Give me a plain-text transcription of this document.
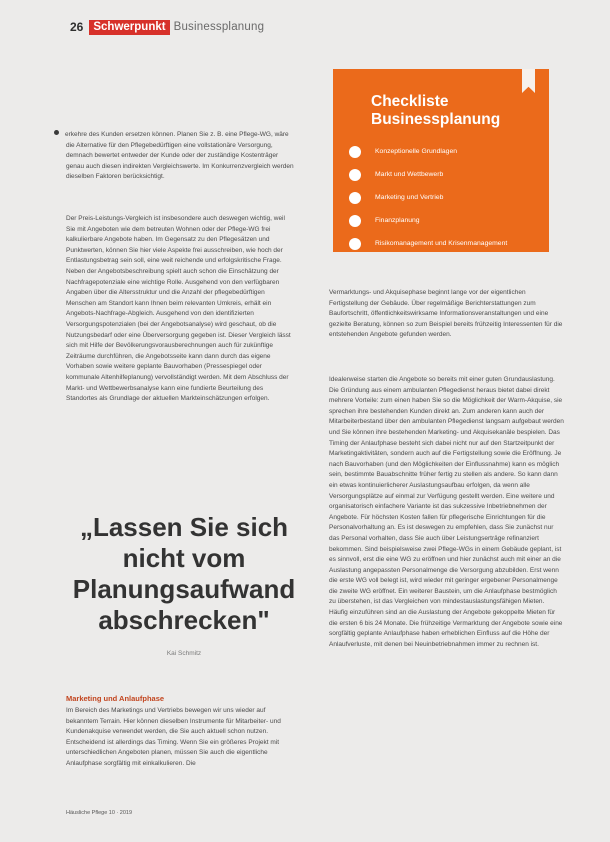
26 Schwerpunkt Businessplanung

erkehre des Kunden ersetzen können. Planen Sie z. B. eine Pflege-WG, wäre die Alternative für den Pflegebedürftigen eine vollstationäre Versorgung, demnach bewertet entweder der Kunde oder der zuständige Kostenträger genau auch diesen indirekten Vergleichswerte. Im Konkurrenzvergleich werden dieselben Faktoren berücksichtigt.

Der Preis-Leistungs-Vergleich ist insbesondere auch deswegen wichtig, weil Sie mit Angeboten wie dem betreuten Wohnen oder der Pflege-WG frei kalkulierbare Angebote haben. Im Gegensatz zu den Pflegesätzen und Punktwerten, können Sie hier viele Aspekte frei ausschreiben, wie hoch der Entlastungsbetrag sein soll, eine weit reichende und erfolgskritische Frage. Neben der Angebotsbeschreibung spielt auch schon die Einschätzung der Nachfragepotenziale eine wichtige Rolle. Ausgehend von den verfügbaren Angaben über die Altersstruktur und die Anzahl der pflegebedürftigen Menschen am Standort kann Ihnen beim relevanten Umkreis, erhält ein Angebots-Nachfrage-Abgleich. Ausgehend von den identifizierten Versorgungspotenzialen (bei der Angebotsanalyse) wird geschaut, ob die Nutzungsbedarf oder eine Überversorgung gegeben ist. Dieser Vergleich lässt sich mit Hilfe der Bevölkerungsvorausberechnungen auch für zukünftige Zeiträume durchführen, die Angebotsseite kann dann durch das eigene Vorhaben sowie weitere geplante Bauvorhaben (Pressespiegel oder kommunale Altenhilfeplanung) vervollständigt werden. Mit dem Abschluss der Markt- und Wettbewerbsanalyse kann eine fundierte Beurteilung des Standortes als Grundlage der aktuellen Markteinschätzungen erfolgen.

„Lassen Sie sich nicht vom Planungsaufwand abschrecken"
Kai Schmitz
Marketing und Anlaufphase

Im Bereich des Marketings und Vertriebs bewegen wir uns wieder auf bekanntem Terrain. Hier können dieselben Instrumente für Mitarbeiter- und Kundenakquise verwendet werden, die Sie auch aktuell schon nutzen. Entscheidend ist allerdings das Timing. Wenn Sie ein größeres Projekt mit unterschiedlichen Angeboten planen, müssen Sie auch die eigentliche Anlaufphase sorgfältig mit einkalkulieren. Die

Häusliche Pflege 10 · 2019
Checkliste
Businessplanung
Konzeptionelle Grundlagen
Markt und Wettbewerb
Marketing und Vertrieb
Finanzplanung
Risikomanagement und Krisenmanagement

Vermarktungs- und Akquisephase beginnt lange vor der eigentlichen Fertigstellung der Gebäude. Über regelmäßige Berichterstattungen zum Baufortschritt, öffentlichkeitswirksame Informationsveranstaltungen und eine gezielte Beratung, können so zum Beispiel bereits frühzeitig Interessenten für die entstehenden Angebote gefunden werden.

Idealerweise starten die Angebote so bereits mit einer guten Grundauslastung. Die Gründung aus einem ambulanten Pflegedienst heraus bietet dabei direkt mehrere Vorteile: zum einen haben Sie so die Möglichkeit der Warm-Akquise, sie sprechen ihre bestehenden Kunden direkt an. Zum anderen kann auch der Mitarbeiterbestand über den ambulanten Pflegedienst langsam aufgebaut werden und Sie können ihre bestehenden Marketing- und Akquisekanäle bespielen. Das Timing der Anlaufphase besteht sich dabei nicht nur auf den Startzeitpunkt der Marketingaktivitäten, sondern auch auf die Fertigstellung sowie die Eröffnung. Je nach Bauvorhaben (und den Möglichkeiten der Einflussnahme) kann es möglich sein, bestimmte Bauabschnitte früher fertig zu stellen als andere. So kann dann ein etwas kontinuierlicherer Auslastungsaufbau erfolgen, da wenn alle Versorgungsplätze auf einmal zur Verfügung gestellt werden. Eine weitere und organisatorisch einfachere Variante ist das sukzessive Inbetriebnehmen der Angebote. Für höchsten Kosten fallen für pflegerische Einrichtungen für die Personalvorhaltung an. Es ist deswegen zu empfehlen, dass Sie zunächst nur das Personal vorhalten, dass Sie auch über Leistungserträge refinanziert bekommen. Sind beispielsweise zwei Pflege-WGs in einem Gebäude geplant, ist es sinnvoll, erst die eine WG zu eröffnen und hier zunächst auch mit einer an die Auslastung angepassten Personalmenge die Versorgung abzubilden. Erst wenn die erste WG voll belegt ist, wird wieder mit geringer ergebener Personalmenge die zweite WG eröffnet. Ein weiterer Baustein, um die Anlaufphase bestmöglich zu überstehen, ist das Vergleichen von mindestauslastungsfähigen Mieten. Häufig einzuführen sind an die Auslastung der Angebote gekoppelte Mieten für die ersten 6 bis 24 Monate. Die frühzeitige Vermarktung der Angebote sowie eine sorgfältig geplante Anlaufphase haben erheblichen Einfluss auf die Höhe der Anlaufverluste, mit denen bei Neuinbetriebnahmen immer zu rechnen ist.
